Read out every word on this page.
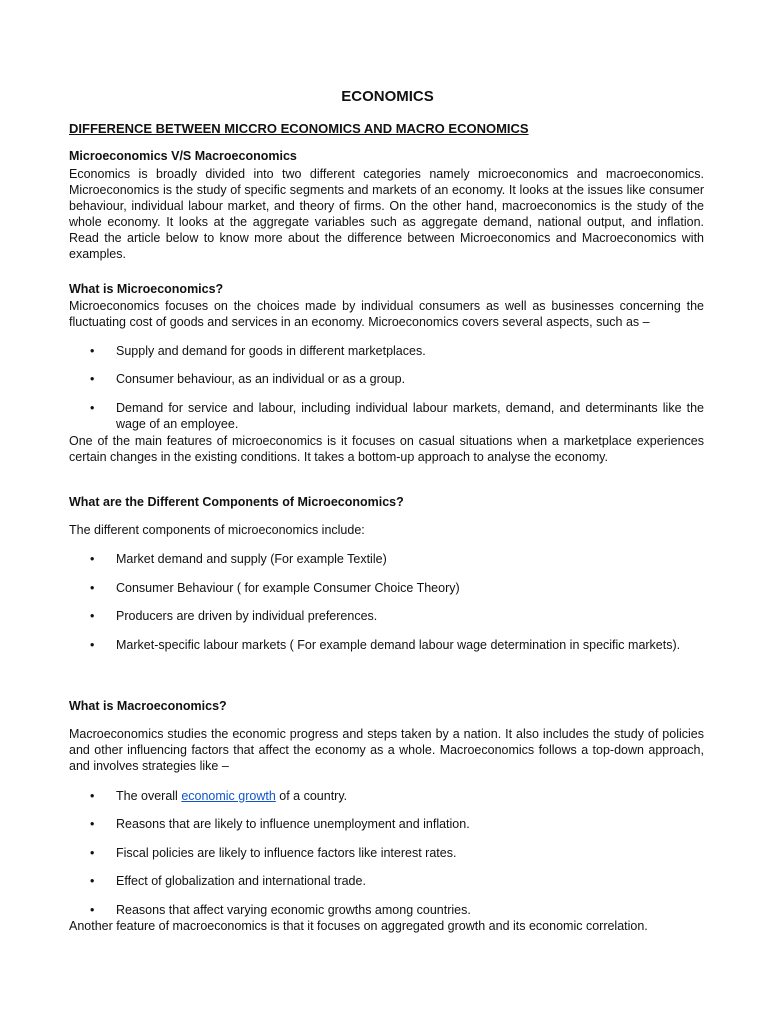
ECONOMICS
DIFFERENCE BETWEEN MICCRO ECONOMICS AND MACRO ECONOMICS
Microeconomics V/S Macroeconomics
Economics is broadly divided into two different categories namely microeconomics and macroeconomics. Microeconomics is the study of specific segments and markets of an economy. It looks at the issues like consumer behaviour, individual labour market, and theory of firms. On the other hand, macroeconomics is the study of the whole economy. It looks at the aggregate variables such as aggregate demand, national output, and inflation. Read the article below to know more about the difference between Microeconomics and Macroeconomics with examples.
What is Microeconomics?
Microeconomics focuses on the choices made by individual consumers as well as businesses concerning the fluctuating cost of goods and services in an economy. Microeconomics covers several aspects, such as –
•	Supply and demand for goods in different marketplaces.
•	Consumer behaviour, as an individual or as a group.
•	Demand for service and labour, including individual labour markets, demand, and determinants like the wage of an employee.
One of the main features of microeconomics is it focuses on casual situations when a marketplace experiences certain changes in the existing conditions. It takes a bottom-up approach to analyse the economy.
What are the Different Components of Microeconomics?
The different components of microeconomics include:
•	Market demand and supply (For example Textile)
•	Consumer Behaviour ( for example Consumer Choice Theory)
•	Producers are driven by individual preferences.
•	Market-specific labour markets ( For example demand labour wage determination in specific markets).
What is Macroeconomics?
Macroeconomics studies the economic progress and steps taken by a nation. It also includes the study of policies and other influencing factors that affect the economy as a whole. Macroeconomics follows a top-down approach, and involves strategies like –
•	The overall economic growth of a country.
•	Reasons that are likely to influence unemployment and inflation.
•	Fiscal policies are likely to influence factors like interest rates.
•	Effect of globalization and international trade.
•	Reasons that affect varying economic growths among countries.
Another feature of macroeconomics is that it focuses on aggregated growth and its economic correlation.
